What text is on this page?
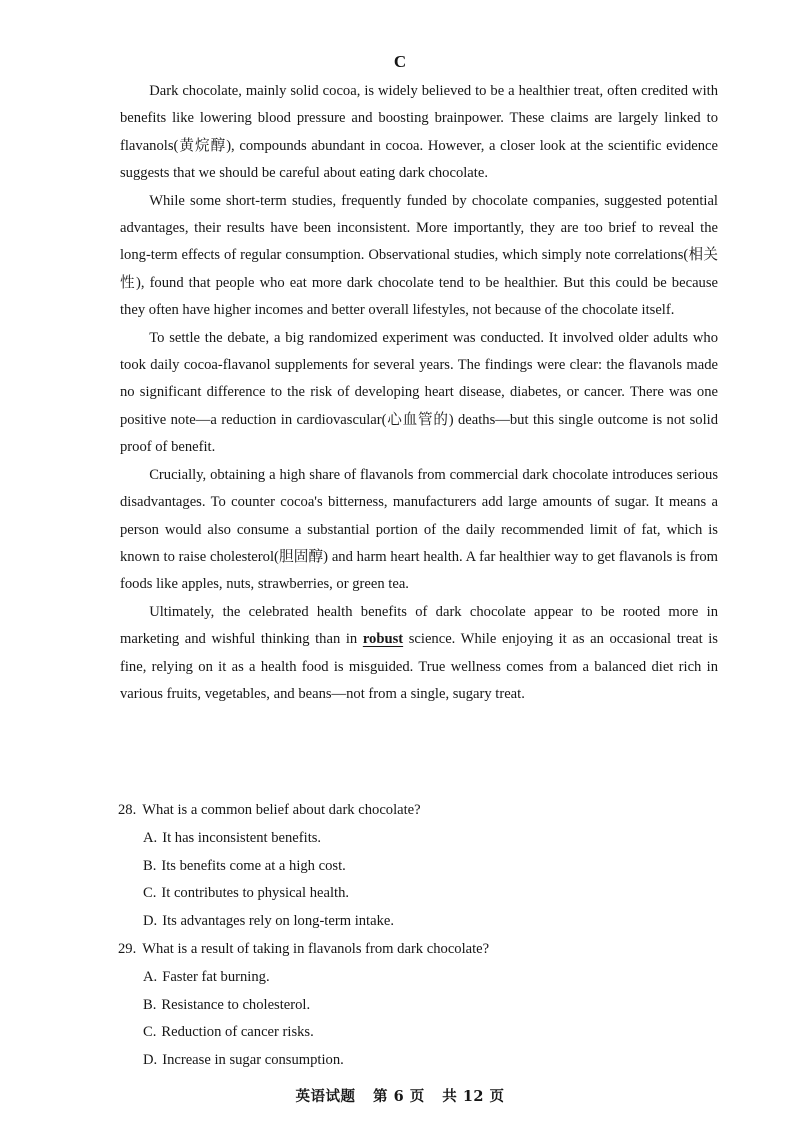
C

Dark chocolate, mainly solid cocoa, is widely believed to be a healthier treat, often credited with benefits like lowering blood pressure and boosting brainpower. These claims are largely linked to flavanols(黄烷醇), compounds abundant in cocoa. However, a closer look at the scientific evidence suggests that we should be careful about eating dark chocolate.

While some short-term studies, frequently funded by chocolate companies, suggested potential advantages, their results have been inconsistent. More importantly, they are too brief to reveal the long-term effects of regular consumption. Observational studies, which simply note correlations(相关性), found that people who eat more dark chocolate tend to be healthier. But this could be because they often have higher incomes and better overall lifestyles, not because of the chocolate itself.

To settle the debate, a big randomized experiment was conducted. It involved older adults who took daily cocoa-flavanol supplements for several years. The findings were clear: the flavanols made no significant difference to the risk of developing heart disease, diabetes, or cancer. There was one positive note—a reduction in cardiovascular(心血管的) deaths—but this single outcome is not solid proof of benefit.

Crucially, obtaining a high share of flavanols from commercial dark chocolate introduces serious disadvantages. To counter cocoa's bitterness, manufacturers add large amounts of sugar. It means a person would also consume a substantial portion of the daily recommended limit of fat, which is known to raise cholesterol(胆固醇) and harm heart health. A far healthier way to get flavanols is from foods like apples, nuts, strawberries, or green tea.

Ultimately, the celebrated health benefits of dark chocolate appear to be rooted more in marketing and wishful thinking than in robust science. While enjoying it as an occasional treat is fine, relying on it as a health food is misguided. True wellness comes from a balanced diet rich in various fruits, vegetables, and beans—not from a single, sugary treat.

28. What is a common belief about dark chocolate?
A. It has inconsistent benefits.
B. Its benefits come at a high cost.
C. It contributes to physical health.
D. Its advantages rely on long-term intake.
29. What is a result of taking in flavanols from dark chocolate?
A. Faster fat burning.
B. Resistance to cholesterol.
C. Reduction of cancer risks.
D. Increase in sugar consumption.
英语试题 第 6 页 共 12 页
